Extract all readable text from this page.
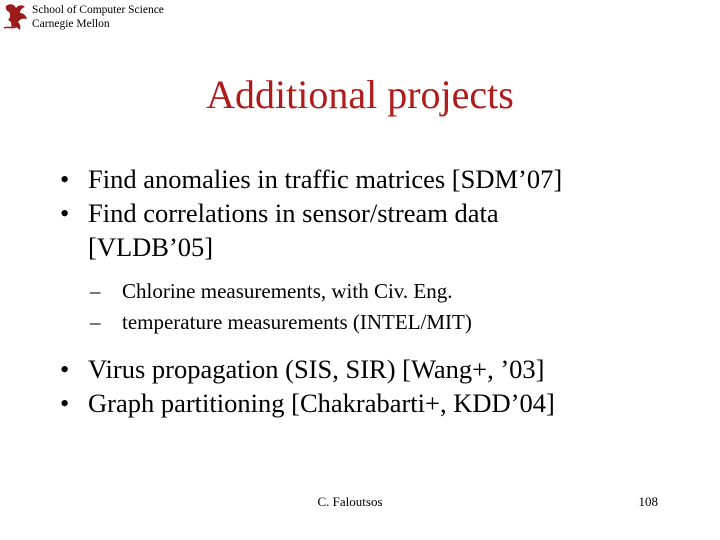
School of Computer Science
Carnegie Mellon
Additional projects
• Find anomalies in traffic matrices [SDM’07]
• Find correlations in sensor/stream data [VLDB’05]
– Chlorine measurements, with Civ. Eng.
– temperature measurements (INTEL/MIT)
• Virus propagation (SIS, SIR) [Wang+, ’03]
• Graph partitioning [Chakrabarti+, KDD’04]
C. Faloutsos	108
